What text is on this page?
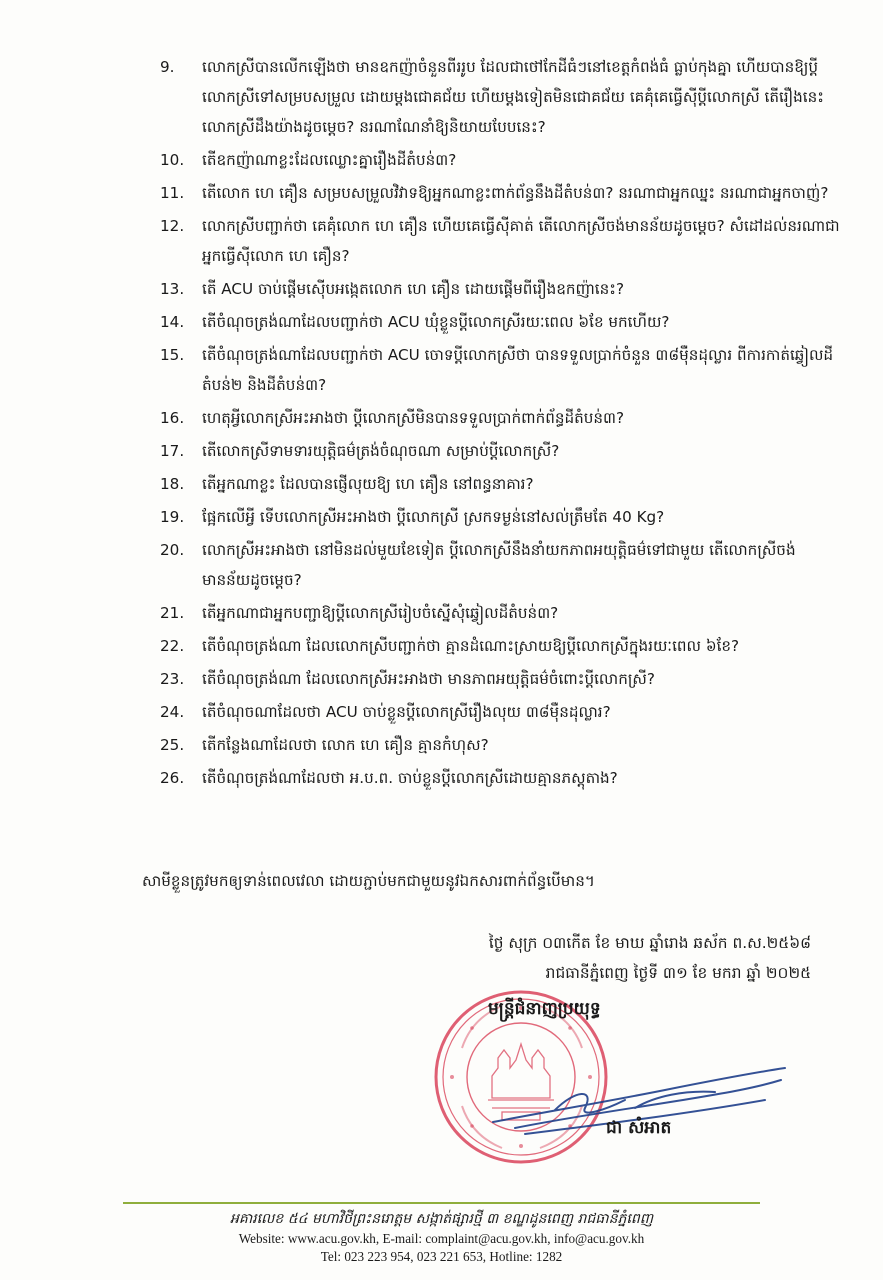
9.	លោកស្រីបានលើកឡើងថា មានឧកញ៉ាចំនួនពីររូប ដែលជាថៅកែដីធំៗនៅខេត្តកំពង់ធំ ធ្លាប់កុងគ្នា ហើយបានឱ្យប្ដីលោកស្រីទៅសម្របសម្រួល ដោយម្ដងជោគជ័យ ហើយម្ដងទៀតមិនជោគជ័យ គេគុំគេធ្វើស៊ីប្ដីលោកស្រី តើរឿងនេះលោកស្រីដឹងយ៉ាងដូចម្ដេច? នរណាណែនាំឱ្យនិយាយបែបនេះ?
10.	តើឧកញ៉ាណាខ្លះដែលឈ្លោះគ្នារឿងដីតំបន់៣?
11.	តើលោក ហេ គឿន សម្របសម្រួលវិវាទឱ្យអ្នកណាខ្លះពាក់ព័ន្ធនឹងដីតំបន់៣? នរណាជាអ្នកឈ្នះ នរណាជាអ្នកចាញ់?
12.	លោកស្រីបញ្ជាក់ថា គេគុំលោក ហេ គឿន ហើយគេធ្វើស៊ីគាត់ តើលោកស្រីចង់មានន័យដូចម្ដេច? សំដៅដល់នរណាជាអ្នកធ្វើស៊ីលោក ហេ គឿន?
13.	តើ ACU ចាប់ផ្ដើមស៊ើបអង្កេតលោក ហេ គឿន ដោយផ្ដើមពីរឿងឧកញ៉ានេះ?
14.	តើចំណុចត្រង់ណាដែលបញ្ជាក់ថា ACU ឃុំខ្លួនប្ដីលោកស្រីរយៈពេល ៦ខែ មកហើយ?
15.	តើចំណុចត្រង់ណាដែលបញ្ជាក់ថា ACU ចោទប្ដីលោកស្រីថា បានទទួលប្រាក់ចំនួន ៣៨ម៉ឺនដុល្លារ ពីការកាត់ឆ្វៀលដីតំបន់២ និងដីតំបន់៣?
16.	ហេតុអ្វីលោកស្រីអះអាងថា ប្ដីលោកស្រីមិនបានទទួលប្រាក់ពាក់ព័ន្ធដីតំបន់៣?
17.	តើលោកស្រីទាមទារយុត្តិធម៌ត្រង់ចំណុចណា សម្រាប់ប្ដីលោកស្រី?
18.	តើអ្នកណាខ្លះ ដែលបានផ្ញើលុយឱ្យ ហេ គឿន នៅពន្ធនាគារ?
19.	ផ្អែកលើអ្វី ទើបលោកស្រីអះអាងថា ប្ដីលោកស្រី ស្រកទម្ងន់នៅសល់ត្រឹមតែ 40 Kg?
20.	លោកស្រីអះអាងថា នៅមិនដល់មួយខែទៀត ប្ដីលោកស្រីនឹងនាំយកភាពអយុត្តិធម៌ទៅជាមួយ តើលោកស្រីចង់មានន័យដូចម្ដេច?
21.	តើអ្នកណាជាអ្នកបញ្ជាឱ្យប្ដីលោកស្រីរៀបចំស្នើសុំឆ្វៀលដីតំបន់៣?
22.	តើចំណុចត្រង់ណា ដែលលោកស្រីបញ្ជាក់ថា គ្មានដំណោះស្រាយឱ្យប្ដីលោកស្រីក្នុងរយៈពេល ៦ខែ?
23.	តើចំណុចត្រង់ណា ដែលលោកស្រីអះអាងថា មានភាពអយុត្តិធម៌ចំពោះប្ដីលោកស្រី?
24.	តើចំណុចណាដែលថា ACU ចាប់ខ្លួនប្ដីលោកស្រីរឿងលុយ ៣៨ម៉ឺនដុល្លារ?
25.	តើកន្លែងណាដែលថា លោក ហេ គឿន គ្មានកំហុស?
26.	តើចំណុចត្រង់ណាដែលថា អ.ប.ព. ចាប់ខ្លួនប្ដីលោកស្រីដោយគ្មានភស្តុតាង?
សាមីខ្លួនត្រូវមកឲ្យទាន់ពេលវេលា ដោយភ្ជាប់មកជាមួយនូវឯកសារពាក់ព័ន្ធបើមាន។
ថ្ងៃ សុក្រ ០៣កើត ខែ មាឃ ឆ្នាំរោង ឆស័ក ព.ស.២៥៦៨
រាជធានីភ្នំពេញ ថ្ងៃទី ៣១ ខែ មករា ឆ្នាំ ២០២៥
មន្ត្រីជំនាញប្រយុទ្ធ
ជា សំអាត
អគារលេខ ៥៤ មហាវិថីព្រះនរោត្តម សង្កាត់ផ្សារថ្មី ៣ ខណ្ឌដូនពេញ រាជធានីភ្នំពេញ
Website: www.acu.gov.kh, E-mail: complaint@acu.gov.kh, info@acu.gov.kh
Tel: 023 223 954, 023 221 653, Hotline: 1282
